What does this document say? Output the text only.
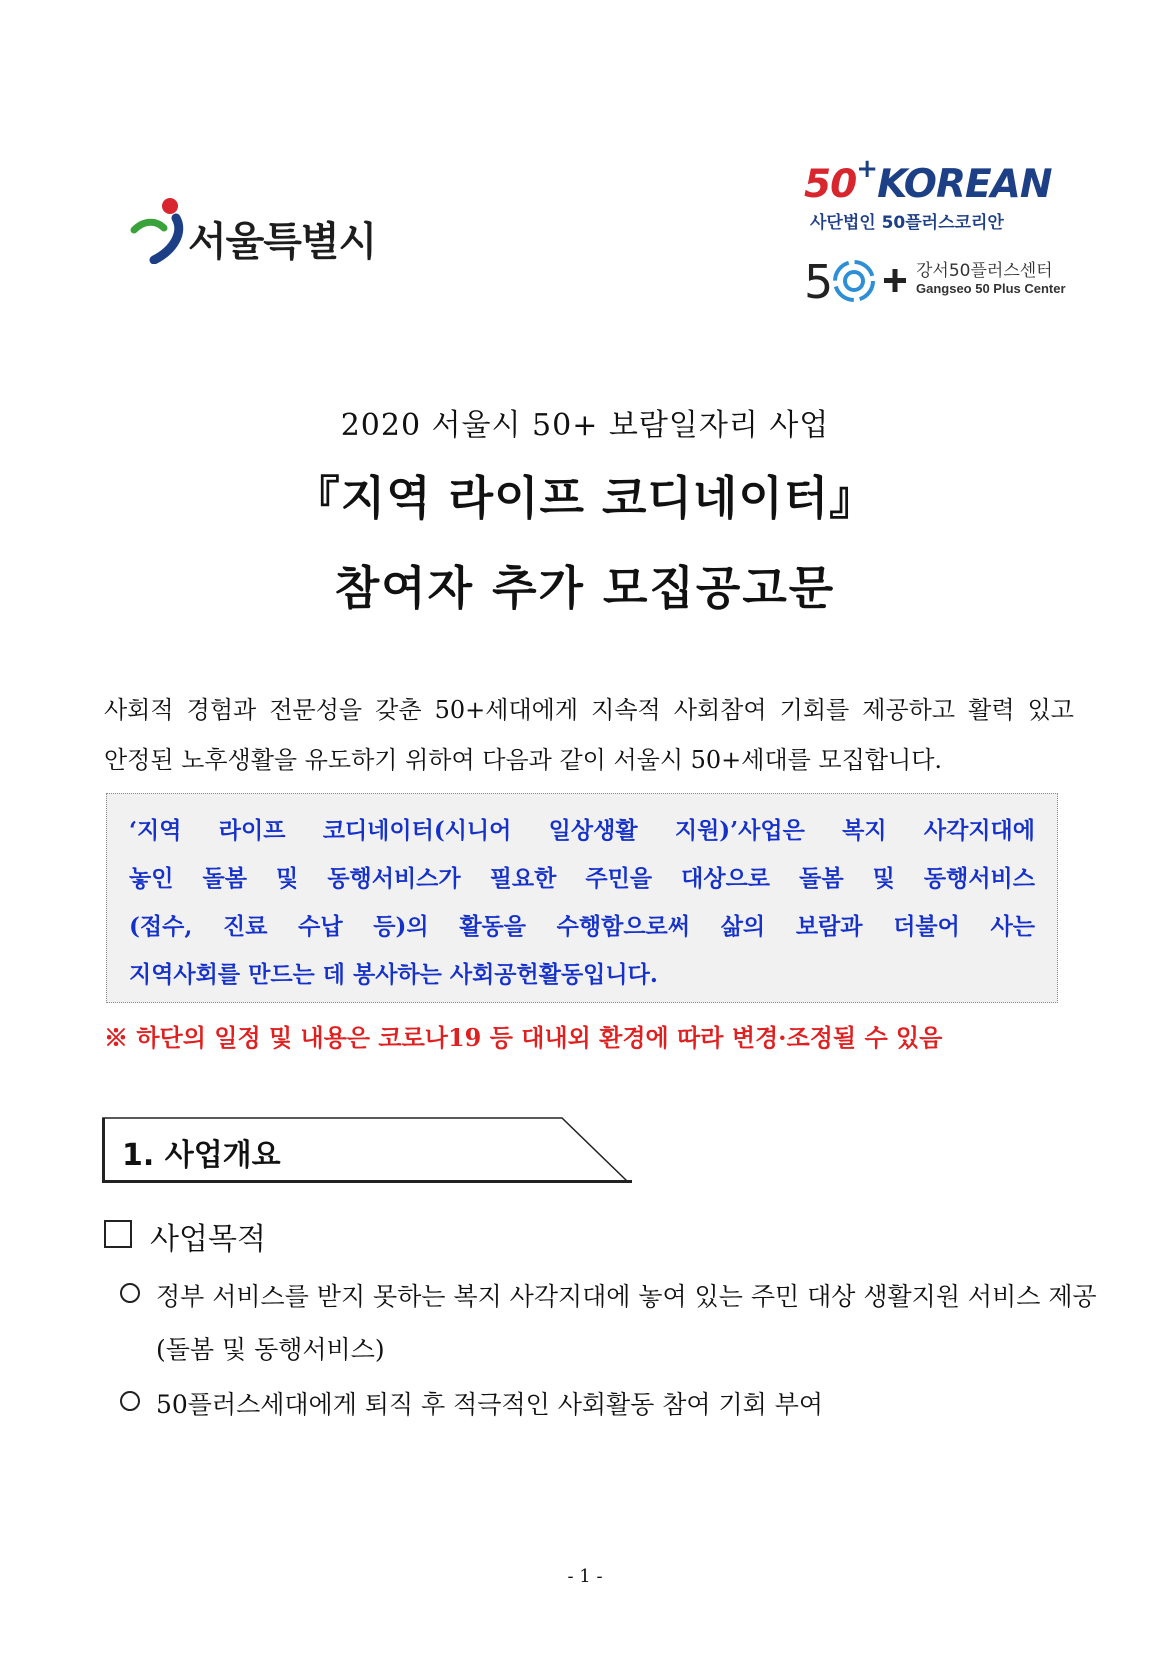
서울특별시
50+KOREAN
사단법인 50플러스코리안
5	강서50플러스센터
Gangseo 50 Plus Center
2020 서울시 50+ 보람일자리 사업
『지역 라이프 코디네이터』
참여자 추가 모집공고문
사회적 경험과 전문성을 갖춘 50+세대에게 지속적 사회참여 기회를 제공하고 활력 있고
안정된 노후생활을 유도하기 위하여 다음과 같이 서울시 50+세대를 모집합니다.
‘지역 라이프 코디네이터(시니어 일상생활 지원)’사업은 복지 사각지대에
놓인 돌봄 및 동행서비스가 필요한 주민을 대상으로 돌봄 및 동행서비스
(접수, 진료 수납 등)의 활동을 수행함으로써 삶의 보람과 더불어 사는
지역사회를 만드는 데 봉사하는 사회공헌활동입니다.
※ 하단의 일정 및 내용은 코로나19 등 대내외 환경에 따라 변경·조정될 수 있음
1. 사업개요
사업목적
정부 서비스를 받지 못하는 복지 사각지대에 놓여 있는 주민 대상 생활지원 서비스 제공
(돌봄 및 동행서비스)
50플러스세대에게 퇴직 후 적극적인 사회활동 참여 기회 부여
- 1 -
